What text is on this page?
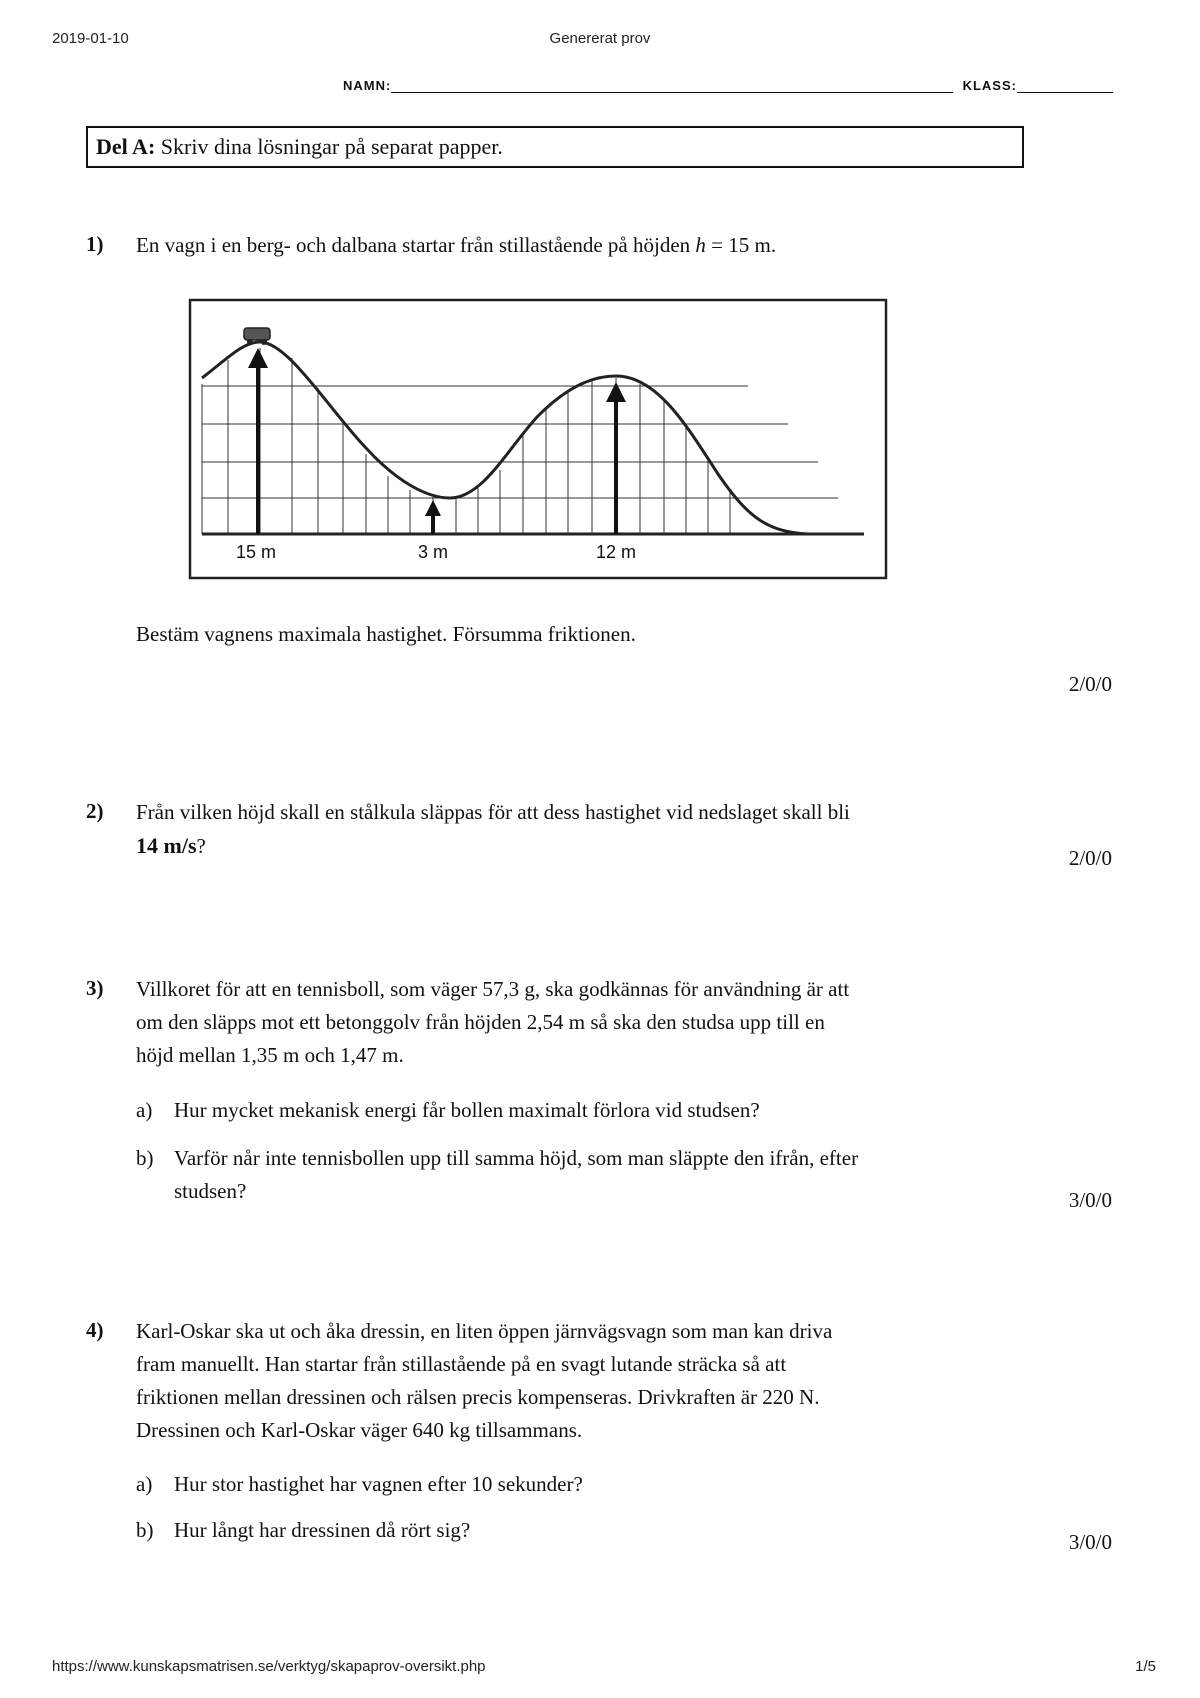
2019-01-10	Genererat prov
NAMN:	KLASS:
Del A: Skriv dina lösningar på separat papper.
1) En vagn i en berg- och dalbana startar från stillastående på höjden h = 15 m.
15 m	3 m	12 m
Bestäm vagnens maximala hastighet. Försumma friktionen.
2/0/0
2) Från vilken höjd skall en stålkula släppas för att dess hastighet vid nedslaget skall bli
14 m/s?	2/0/0
3) Villkoret för att en tennisboll, som väger 57,3 g, ska godkännas för användning är att
om den släpps mot ett betonggolv från höjden 2,54 m så ska den studsa upp till en
höjd mellan 1,35 m och 1,47 m.
a) Hur mycket mekanisk energi får bollen maximalt förlora vid studsen?
b) Varför når inte tennisbollen upp till samma höjd, som man släppte den ifrån, efter
studsen?	3/0/0
4) Karl-Oskar ska ut och åka dressin, en liten öppen järnvägsvagn som man kan driva
fram manuellt. Han startar från stillastående på en svagt lutande sträcka så att
friktionen mellan dressinen och rälsen precis kompenseras. Drivkraften är 220 N.
Dressinen och Karl-Oskar väger 640 kg tillsammans.
a) Hur stor hastighet har vagnen efter 10 sekunder?
b) Hur långt har dressinen då rört sig?	3/0/0
https://www.kunskapsmatrisen.se/verktyg/skapaprov-oversikt.php	1/5
